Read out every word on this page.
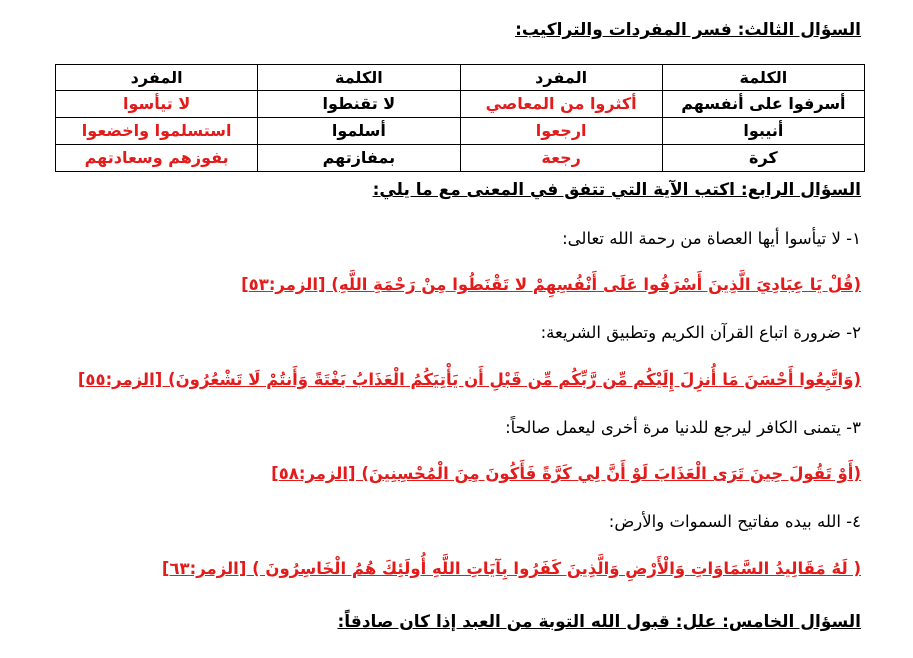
السؤال الثالث: فسر المفردات والتراكيب:
الكلمة	المفرد	الكلمة	المفرد
أسرفوا على أنفسهم	أكثروا من المعاصي	لا تقنطوا	لا تيأسوا
أنيبوا	ارجعوا	أسلموا	استسلموا واخضعوا
كرة	رجعة	بمفازتهم	بفوزهم وسعادتهم
السؤال الرابع: اكتب الآية التي تتفق في المعنى مع ما يلي:
١- لا تيأسوا أيها العصاة من رحمة الله تعالى:
(قُلْ يَا عِبَادِيَ الَّذِينَ أَسْرَفُوا عَلَى أَنْفُسِهِمْ لا تَقْنَطُوا مِنْ رَحْمَةِ اللَّهِ) [الزمر:٥٣]
٢- ضرورة اتباع القرآن الكريم وتطبيق الشريعة:
(وَاتَّبِعُوا أَحْسَنَ مَا أُنزِلَ إِلَيْكُم مِّن رَّبِّكُم مِّن قَبْلِ أَن يَأْتِيَكُمُ الْعَذَابُ بَغْتَةً وَأَنتُمْ لَا تَشْعُرُونَ) [الزمر:٥٥]
٣- يتمنى الكافر ليرجع للدنيا مرة أخرى ليعمل صالحاً:
(أَوْ تَقُولَ حِينَ تَرَى الْعَذَابَ لَوْ أَنَّ لِي كَرَّةً فَأَكُونَ مِنَ الْمُحْسِنِينَ) [الزمر:٥٨]
٤- الله بيده مفاتيح السموات والأرض:
( لَهُ مَقَالِيدُ السَّمَاوَاتِ وَالْأَرْضِ وَالَّذِينَ كَفَرُوا بِآيَاتِ اللَّهِ أُولَئِكَ هُمُ الْخَاسِرُونَ ) [الزمر:٦٣]
السؤال الخامس: علل: قبول الله التوبة من العبد إذا كان صادقاً:
